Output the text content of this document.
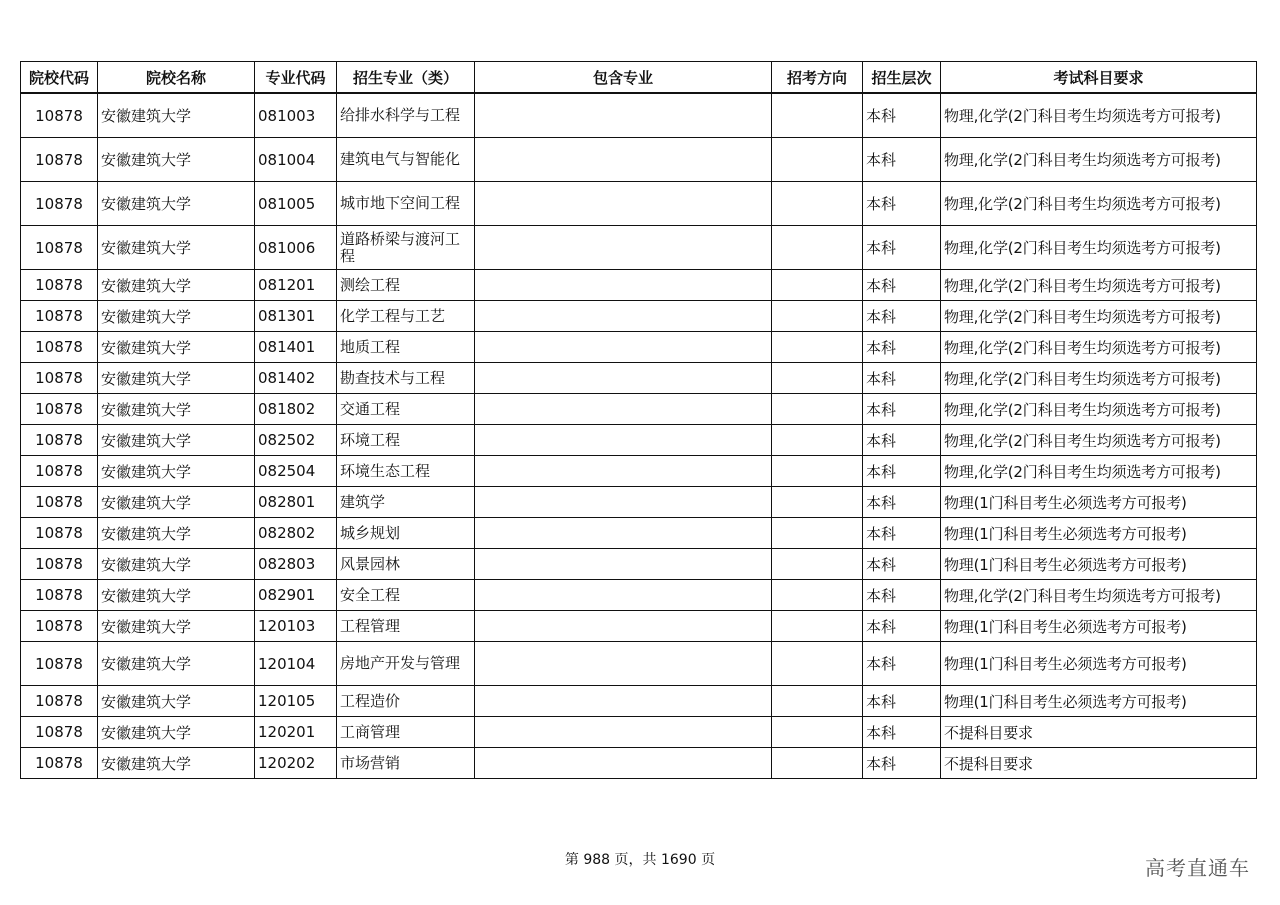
院校代码	院校名称	专业代码	招生专业（类）	包含专业	招考方向	招生层次	考试科目要求
10878	安徽建筑大学	081003	给排水科学与工程			本科	物理,化学(2门科目考生均须选考方可报考)
10878	安徽建筑大学	081004	建筑电气与智能化			本科	物理,化学(2门科目考生均须选考方可报考)
10878	安徽建筑大学	081005	城市地下空间工程			本科	物理,化学(2门科目考生均须选考方可报考)
10878	安徽建筑大学	081006	道路桥梁与渡河工程			本科	物理,化学(2门科目考生均须选考方可报考)
10878	安徽建筑大学	081201	测绘工程			本科	物理,化学(2门科目考生均须选考方可报考)
10878	安徽建筑大学	081301	化学工程与工艺			本科	物理,化学(2门科目考生均须选考方可报考)
10878	安徽建筑大学	081401	地质工程			本科	物理,化学(2门科目考生均须选考方可报考)
10878	安徽建筑大学	081402	勘查技术与工程			本科	物理,化学(2门科目考生均须选考方可报考)
10878	安徽建筑大学	081802	交通工程			本科	物理,化学(2门科目考生均须选考方可报考)
10878	安徽建筑大学	082502	环境工程			本科	物理,化学(2门科目考生均须选考方可报考)
10878	安徽建筑大学	082504	环境生态工程			本科	物理,化学(2门科目考生均须选考方可报考)
10878	安徽建筑大学	082801	建筑学			本科	物理(1门科目考生必须选考方可报考)
10878	安徽建筑大学	082802	城乡规划			本科	物理(1门科目考生必须选考方可报考)
10878	安徽建筑大学	082803	风景园林			本科	物理(1门科目考生必须选考方可报考)
10878	安徽建筑大学	082901	安全工程			本科	物理,化学(2门科目考生均须选考方可报考)
10878	安徽建筑大学	120103	工程管理			本科	物理(1门科目考生必须选考方可报考)
10878	安徽建筑大学	120104	房地产开发与管理			本科	物理(1门科目考生必须选考方可报考)
10878	安徽建筑大学	120105	工程造价			本科	物理(1门科目考生必须选考方可报考)
10878	安徽建筑大学	120201	工商管理			本科	不提科目要求
10878	安徽建筑大学	120202	市场营销			本科	不提科目要求
第 988 页，共 1690 页	高考直通车
